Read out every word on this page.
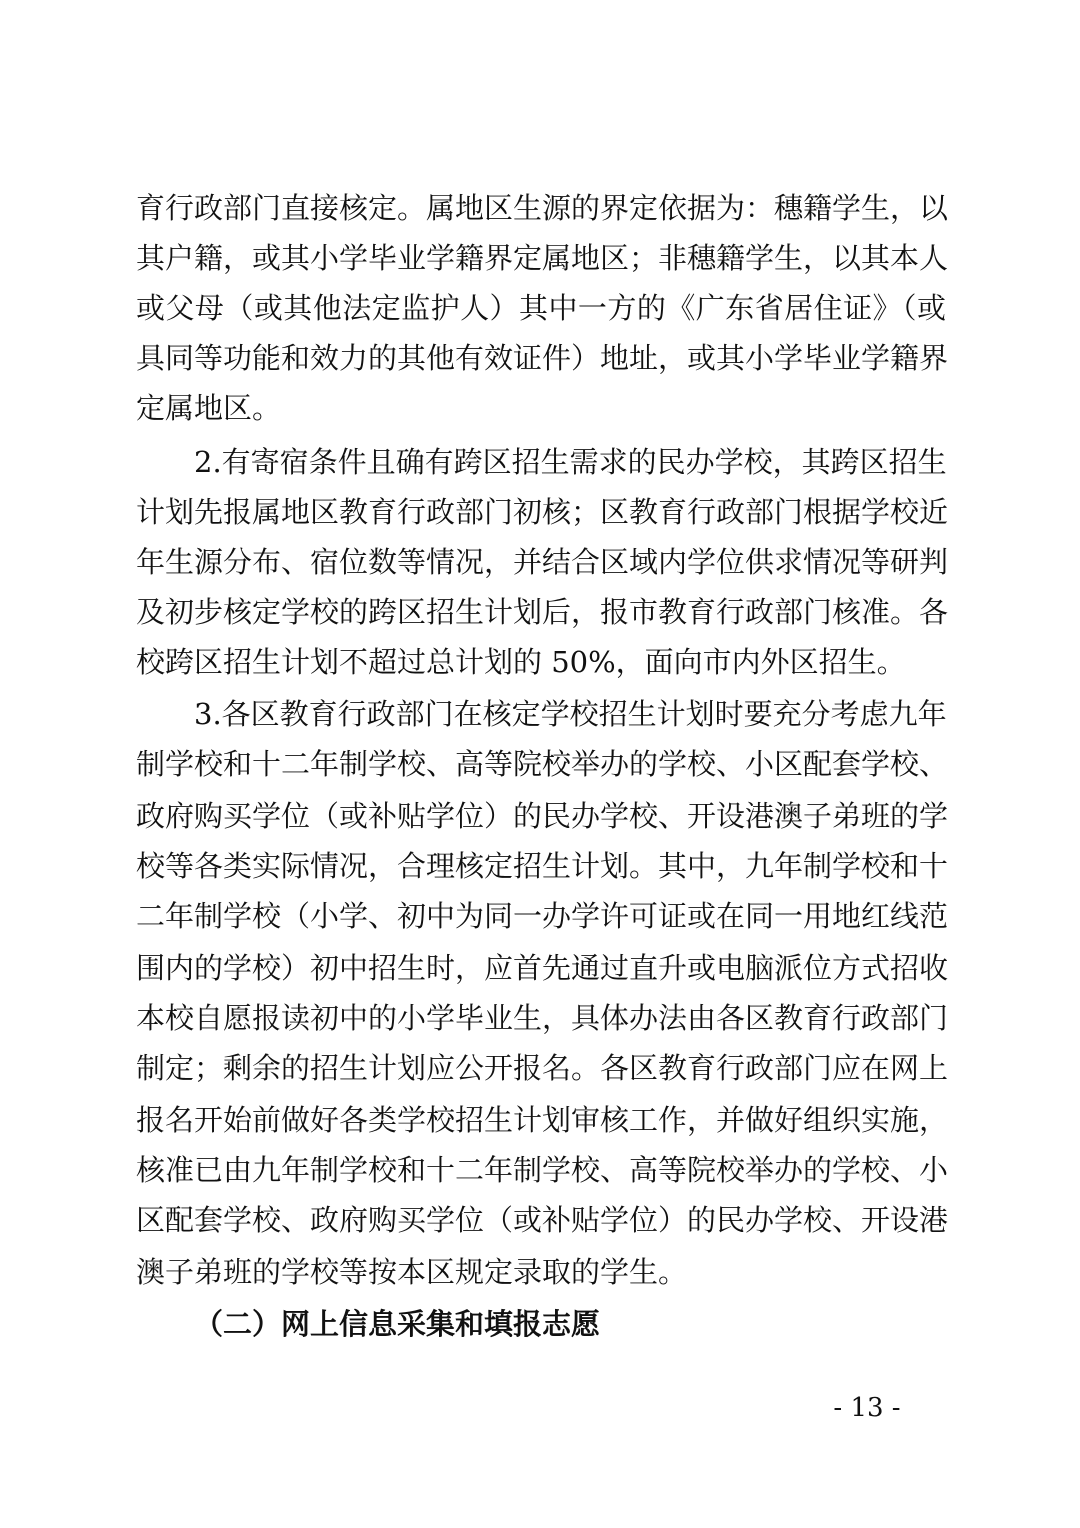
育行政部门直接核定。属地区生源的界定依据为：穗籍学生，以
其户籍，或其小学毕业学籍界定属地区；非穗籍学生，以其本人
或父母（或其他法定监护人）其中一方的《广东省居住证》（或
具同等功能和效力的其他有效证件）地址，或其小学毕业学籍界
定属地区。
2.有寄宿条件且确有跨区招生需求的民办学校，其跨区招生
计划先报属地区教育行政部门初核；区教育行政部门根据学校近
年生源分布、宿位数等情况，并结合区域内学位供求情况等研判
及初步核定学校的跨区招生计划后，报市教育行政部门核准。各
校跨区招生计划不超过总计划的 50%，面向市内外区招生。
3.各区教育行政部门在核定学校招生计划时要充分考虑九年
制学校和十二年制学校、高等院校举办的学校、小区配套学校、
政府购买学位（或补贴学位）的民办学校、开设港澳子弟班的学
校等各类实际情况，合理核定招生计划。其中，九年制学校和十
二年制学校（小学、初中为同一办学许可证或在同一用地红线范
围内的学校）初中招生时，应首先通过直升或电脑派位方式招收
本校自愿报读初中的小学毕业生，具体办法由各区教育行政部门
制定；剩余的招生计划应公开报名。各区教育行政部门应在网上
报名开始前做好各类学校招生计划审核工作，并做好组织实施，
核准已由九年制学校和十二年制学校、高等院校举办的学校、小
区配套学校、政府购买学位（或补贴学位）的民办学校、开设港
澳子弟班的学校等按本区规定录取的学生。
（二）网上信息采集和填报志愿
- 13 -
